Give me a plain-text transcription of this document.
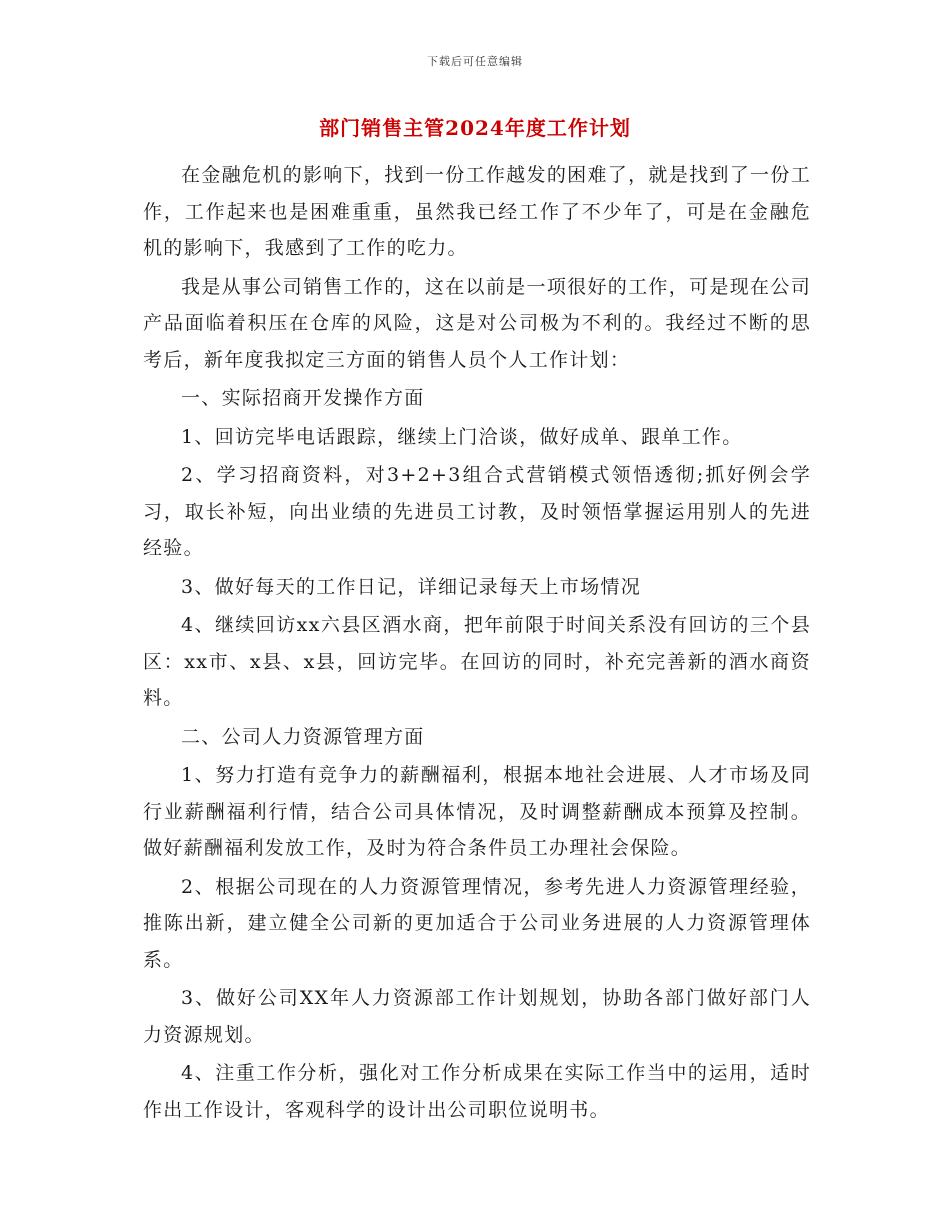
下载后可任意编辑
部门销售主管2024年度工作计划

在金融危机的影响下，找到一份工作越发的困难了，就是找到了一份工作，工作起来也是困难重重，虽然我已经工作了不少年了，可是在金融危机的影响下，我感到了工作的吃力。

我是从事公司销售工作的，这在以前是一项很好的工作，可是现在公司产品面临着积压在仓库的风险，这是对公司极为不利的。我经过不断的思考后，新年度我拟定三方面的销售人员个人工作计划：

一、实际招商开发操作方面

1、回访完毕电话跟踪，继续上门洽谈，做好成单、跟单工作。

2、学习招商资料，对3+2+3组合式营销模式领悟透彻;抓好例会学习，取长补短，向出业绩的先进员工讨教，及时领悟掌握运用别人的先进经验。

3、做好每天的工作日记，详细记录每天上市场情况

4、继续回访xx六县区酒水商，把年前限于时间关系没有回访的三个县区：xx市、x县、x县，回访完毕。在回访的同时，补充完善新的酒水商资料。

二、公司人力资源管理方面

1、努力打造有竞争力的薪酬福利，根据本地社会进展、人才市场及同行业薪酬福利行情，结合公司具体情况，及时调整薪酬成本预算及控制。做好薪酬福利发放工作，及时为符合条件员工办理社会保险。

2、根据公司现在的人力资源管理情况，参考先进人力资源管理经验，推陈出新，建立健全公司新的更加适合于公司业务进展的人力资源管理体系。

3、做好公司XX年人力资源部工作计划规划，协助各部门做好部门人力资源规划。

4、注重工作分析，强化对工作分析成果在实际工作当中的运用，适时作出工作设计，客观科学的设计出公司职位说明书。
